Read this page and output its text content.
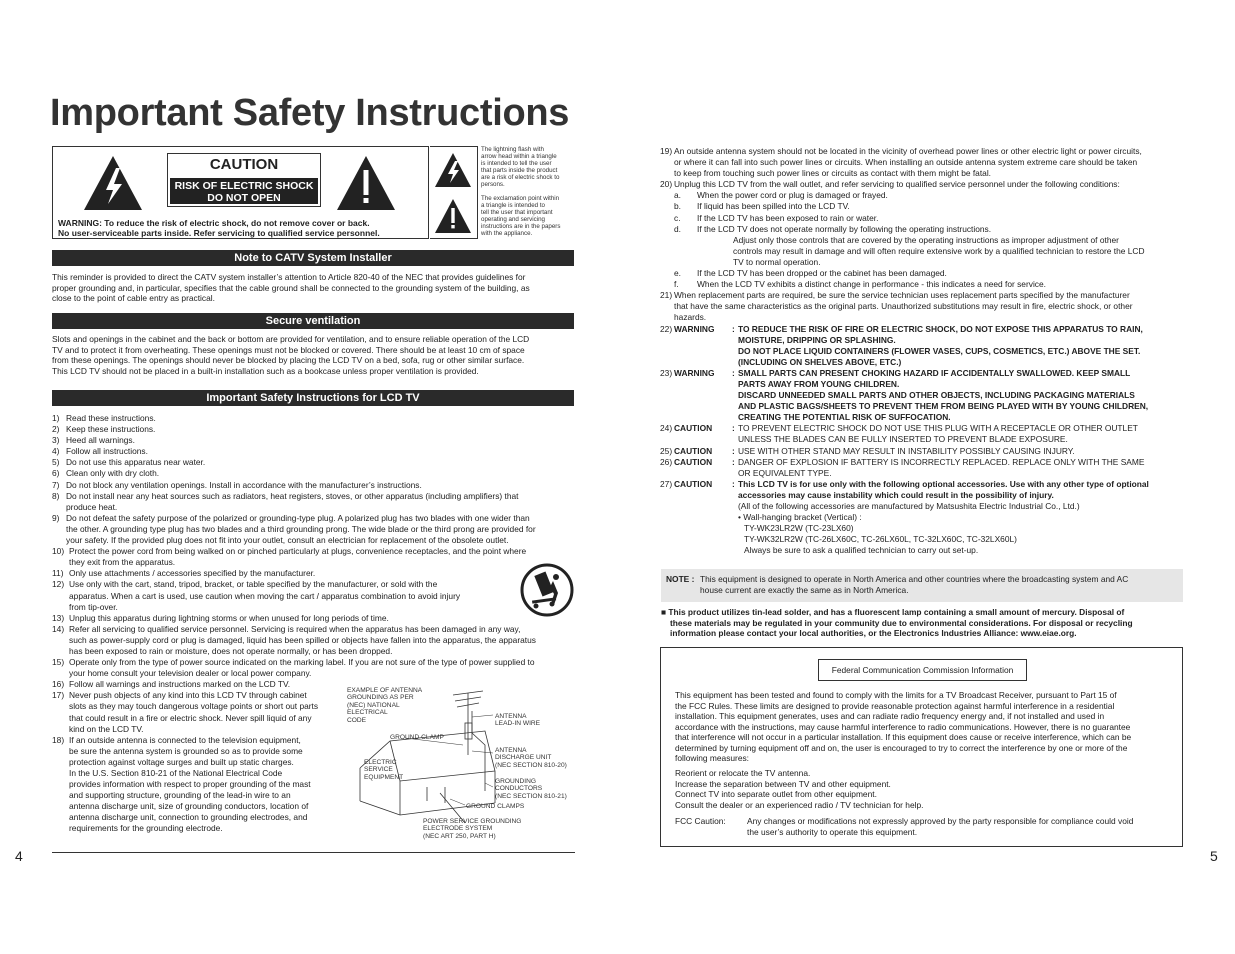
Important Safety Instructions
CAUTION
RISK OF ELECTRIC SHOCK
DO NOT OPEN
WARNING: To reduce the risk of electric shock, do not remove cover or back.
No user-serviceable parts inside. Refer servicing to qualified service personnel.
The lightning flash with
arrow head within a triangle
is intended to tell the user
that parts inside the product
are a risk of electric shock to
persons.
The exclamation point within
a triangle is intended to
tell the user that important
operating and servicing
instructions are in the papers
with the appliance.
Note to CATV System Installer
This reminder is provided to direct the CATV system installer’s attention to Article 820-40 of the NEC that provides guidelines for
proper grounding and, in particular, specifies that the cable ground shall be connected to the grounding system of the building, as
close to the point of cable entry as practical.
Secure ventilation
Slots and openings in the cabinet and the back or bottom are provided for ventilation, and to ensure reliable operation of the LCD
TV and to protect it from overheating. These openings must not be blocked or covered. There should be at least 10 cm of space
from these openings. The openings should never be blocked by placing the LCD TV on a bed, sofa, rug or other similar surface.
This LCD TV should not be placed in a built-in installation such as a bookcase unless proper ventilation is provided.
Important Safety Instructions for LCD TV
1) Read these instructions.
2) Keep these instructions.
3) Heed all warnings.
4) Follow all instructions.
5) Do not use this apparatus near water.
6) Clean only with dry cloth.
7) Do not block any ventilation openings. Install in accordance with the manufacturer’s instructions.
8) Do not install near any heat sources such as radiators, heat registers, stoves, or other apparatus (including amplifiers) that
produce heat.
9) Do not defeat the safety purpose of the polarized or grounding-type plug. A polarized plug has two blades with one wider than
the other. A grounding type plug has two blades and a third grounding prong. The wide blade or the third prong are provided for
your safety. If the provided plug does not fit into your outlet, consult an electrician for replacement of the obsolete outlet.
10) Protect the power cord from being walked on or pinched particularly at plugs, convenience receptacles, and the point where
they exit from the apparatus.
11) Only use attachments / accessories specified by the manufacturer.
12) Use only with the cart, stand, tripod, bracket, or table specified by the manufacturer, or sold with the
apparatus. When a cart is used, use caution when moving the cart / apparatus combination to avoid injury
from tip-over.
13) Unplug this apparatus during lightning storms or when unused for long periods of time.
14) Refer all servicing to qualified service personnel. Servicing is required when the apparatus has been damaged in any way,
such as power-supply cord or plug is damaged, liquid has been spilled or objects have fallen into the apparatus, the apparatus
has been exposed to rain or moisture, does not operate normally, or has been dropped.
15) Operate only from the type of power source indicated on the marking label. If you are not sure of the type of power supplied to
your home consult your television dealer or local power company.
16) Follow all warnings and instructions marked on the LCD TV.
17) Never push objects of any kind into this LCD TV through cabinet
slots as they may touch dangerous voltage points or short out parts
that could result in a fire or electric shock. Never spill liquid of any
kind on the LCD TV.
18) If an outside antenna is connected to the television equipment,
be sure the antenna system is grounded so as to provide some
protection against voltage surges and built up static charges.
In the U.S. Section 810-21 of the National Electrical Code
provides information with respect to proper grounding of the mast
and supporting structure, grounding of the lead-in wire to an
antenna discharge unit, size of grounding conductors, location of
antenna discharge unit, connection to grounding electrodes, and
requirements for the grounding electrode.
EXAMPLE OF ANTENNA
GROUNDING AS PER
(NEC) NATIONAL
ELECTRICAL
CODE
ANTENNA
LEAD-IN WIRE
GROUND CLAMP
ANTENNA
DISCHARGE UNIT
(NEC SECTION 810-20)
ELECTRIC
SERVICE
EQUIPMENT
GROUNDING
CONDUCTORS
(NEC SECTION 810-21)
GROUND CLAMPS
POWER SERVICE GROUNDING
ELECTRODE SYSTEM
(NEC ART 250, PART H)
4
19) An outside antenna system should not be located in the vicinity of overhead power lines or other electric light or power circuits,
or where it can fall into such power lines or circuits. When installing an outside antenna system extreme care should be taken
to keep from touching such power lines or circuits as contact with them might be fatal.
20) Unplug this LCD TV from the wall outlet, and refer servicing to qualified service personnel under the following conditions:
a.	When the power cord or plug is damaged or frayed.
b.	If liquid has been spilled into the LCD TV.
c.	If the LCD TV has been exposed to rain or water.
d.	If the LCD TV does not operate normally by following the operating instructions.
Adjust only those controls that are covered by the operating instructions as improper adjustment of other
controls may result in damage and will often require extensive work by a qualified technician to restore the LCD
TV to normal operation.
e.	If the LCD TV has been dropped or the cabinet has been damaged.
f.	When the LCD TV exhibits a distinct change in performance - this indicates a need for service.
21) When replacement parts are required, be sure the service technician uses replacement parts specified by the manufacturer
that have the same characteristics as the original parts. Unauthorized substitutions may result in fire, electric shock, or other
hazards.
22) WARNING	: TO REDUCE THE RISK OF FIRE OR ELECTRIC SHOCK, DO NOT EXPOSE THIS APPARATUS TO RAIN,
MOISTURE, DRIPPING OR SPLASHING.
DO NOT PLACE LIQUID CONTAINERS (FLOWER VASES, CUPS, COSMETICS, ETC.) ABOVE THE SET.
(INCLUDING ON SHELVES ABOVE, ETC.)
23) WARNING	: SMALL PARTS CAN PRESENT CHOKING HAZARD IF ACCIDENTALLY SWALLOWED. KEEP SMALL
PARTS AWAY FROM YOUNG CHILDREN.
DISCARD UNNEEDED SMALL PARTS AND OTHER OBJECTS, INCLUDING PACKAGING MATERIALS
AND PLASTIC BAGS/SHEETS TO PREVENT THEM FROM BEING PLAYED WITH BY YOUNG CHILDREN,
CREATING THE POTENTIAL RISK OF SUFFOCATION.
24) CAUTION	: TO PREVENT ELECTRIC SHOCK DO NOT USE THIS PLUG WITH A RECEPTACLE OR OTHER OUTLET
UNLESS THE BLADES CAN BE FULLY INSERTED TO PREVENT BLADE EXPOSURE.
25) CAUTION	: USE WITH OTHER STAND MAY RESULT IN INSTABILITY POSSIBLY CAUSING INJURY.
26) CAUTION	: DANGER OF EXPLOSION IF BATTERY IS INCORRECTLY REPLACED. REPLACE ONLY WITH THE SAME
OR EQUIVALENT TYPE.
27) CAUTION	: This LCD TV is for use only with the following optional accessories. Use with any other type of optional
accessories may cause instability which could result in the possibility of injury.
(All of the following accessories are manufactured by Matsushita Electric Industrial Co., Ltd.)
• Wall-hanging bracket (Vertical) :
TY-WK23LR2W (TC-23LX60)
TY-WK32LR2W (TC-26LX60C, TC-26LX60L, TC-32LX60C, TC-32LX60L)
Always be sure to ask a qualified technician to carry out set-up.
NOTE : This equipment is designed to operate in North America and other countries where the broadcasting system and AC
house current are exactly the same as in North America.
■ This product utilizes tin-lead solder, and has a fluorescent lamp containing a small amount of mercury. Disposal of
these materials may be regulated in your community due to environmental considerations. For disposal or recycling
information please contact your local authorities, or the Electronics Industries Alliance: www.eiae.org.
Federal Communication Commission Information
This equipment has been tested and found to comply with the limits for a TV Broadcast Receiver, pursuant to Part 15 of
the FCC Rules. These limits are designed to provide reasonable protection against harmful interference in a residential
installation. This equipment generates, uses and can radiate radio frequency energy and, if not installed and used in
accordance with the instructions, may cause harmful interference to radio communications. However, there is no guarantee
that interference will not occur in a particular installation. If this equipment does cause or receive interference, which can be
determined by turning equipment off and on, the user is encouraged to try to correct the interference by one or more of the
following measures:
Reorient or relocate the TV antenna.
Increase the separation between TV and other equipment.
Connect TV into separate outlet from other equipment.
Consult the dealer or an experienced radio / TV technician for help.
FCC Caution:	Any changes or modifications not expressly approved by the party responsible for compliance could void
the user’s authority to operate this equipment.
5
